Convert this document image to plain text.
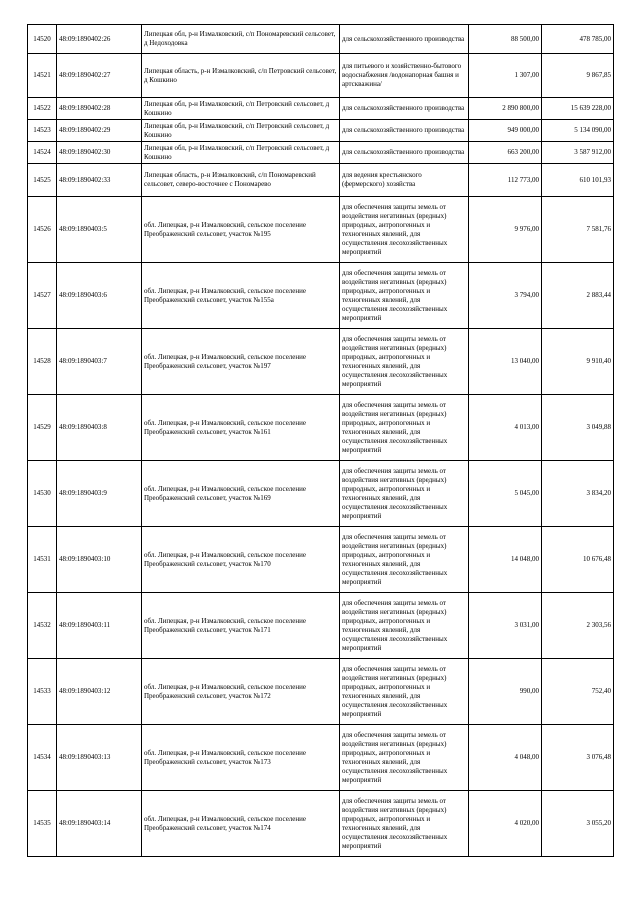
14520	48:09:1890402:26	Липецкая обл, р-н Измалковский, с/п Пономаревский сельсовет, д Недоходовка	для сельскохозяйственного производства	88 500,00	478 785,00

14521	48:09:1890402:27	Липецкая область, р-н Измалковский, с/п Петровский сельсовет, д Кошкино	для питьевого и хозяйственно-бытового водоснабжения /водонапорная башня и артскважина/	1 307,00	9 867,85

14522	48:09:1890402:28	Липецкая обл, р-н Измалковский, с/п Петровский сельсовет, д Кошкино	для сельскохозяйственного производства	2 890 800,00	15 639 228,00

14523	48:09:1890402:29	Липецкая обл, р-н Измалковский, с/п Петровский сельсовет, д Кошкино	для сельскохозяйственного производства	949 000,00	5 134 090,00

14524	48:09:1890402:30	Липецкая обл, р-н Измалковский, с/п Петровский сельсовет, д Кошкино	для сельскохозяйственного производства	663 200,00	3 587 912,00

14525	48:09:1890402:33	Липецкая область, р-н Измалковский, с/п Пономаревский сельсовет, северо-восточнее с Пономарево	для ведения крестьянского (фермерского) хозяйства	112 773,00	610 101,93

14526	48:09:1890403:5	обл. Липецкая, р-н Измалковский, сельское поселение Преображенский сельсовет, участок №195	для обеспечения защиты земель от воздействия негативных (вредных) природных, антропогенных и техногенных явлений, для осуществления лесохозяйственных мероприятий	9 976,00	7 581,76

14527	48:09:1890403:6	обл. Липецкая, р-н Измалковский, сельское поселение Преображенский сельсовет, участок №155а	для обеспечения защиты земель от воздействия негативных (вредных) природных, антропогенных и техногенных явлений, для осуществления лесохозяйственных мероприятий	3 794,00	2 883,44

14528	48:09:1890403:7	обл. Липецкая, р-н Измалковский, сельское поселение Преображенский сельсовет, участок №197	для обеспечения защиты земель от воздействия негативных (вредных) природных, антропогенных и техногенных явлений, для осуществления лесохозяйственных мероприятий	13 040,00	9 910,40

14529	48:09:1890403:8	обл. Липецкая, р-н Измалковский, сельское поселение Преображенский сельсовет, участок №161	для обеспечения защиты земель от воздействия негативных (вредных) природных, антропогенных и техногенных явлений, для осуществления лесохозяйственных мероприятий	4 013,00	3 049,88

14530	48:09:1890403:9	обл. Липецкая, р-н Измалковский, сельское поселение Преображенский сельсовет, участок №169	для обеспечения защиты земель от воздействия негативных (вредных) природных, антропогенных и техногенных явлений, для осуществления лесохозяйственных мероприятий	5 045,00	3 834,20

14531	48:09:1890403:10	обл. Липецкая, р-н Измалковский, сельское поселение Преображенский сельсовет, участок №170	для обеспечения защиты земель от воздействия негативных (вредных) природных, антропогенных и техногенных явлений, для осуществления лесохозяйственных мероприятий	14 048,00	10 676,48

14532	48:09:1890403:11	обл. Липецкая, р-н Измалковский, сельское поселение Преображенский сельсовет, участок №171	для обеспечения защиты земель от воздействия негативных (вредных) природных, антропогенных и техногенных явлений, для осуществления лесохозяйственных мероприятий	3 031,00	2 303,56

14533	48:09:1890403:12	обл. Липецкая, р-н Измалковский, сельское поселение Преображенский сельсовет, участок №172	для обеспечения защиты земель от воздействия негативных (вредных) природных, антропогенных и техногенных явлений, для осуществления лесохозяйственных мероприятий	990,00	752,40

14534	48:09:1890403:13	обл. Липецкая, р-н Измалковский, сельское поселение Преображенский сельсовет, участок №173	для обеспечения защиты земель от воздействия негативных (вредных) природных, антропогенных и техногенных явлений, для осуществления лесохозяйственных мероприятий	4 048,00	3 076,48

14535	48:09:1890403:14	обл. Липецкая, р-н Измалковский, сельское поселение Преображенский сельсовет, участок №174	для обеспечения защиты земель от воздействия негативных (вредных) природных, антропогенных и техногенных явлений, для осуществления лесохозяйственных мероприятий	4 020,00	3 055,20
